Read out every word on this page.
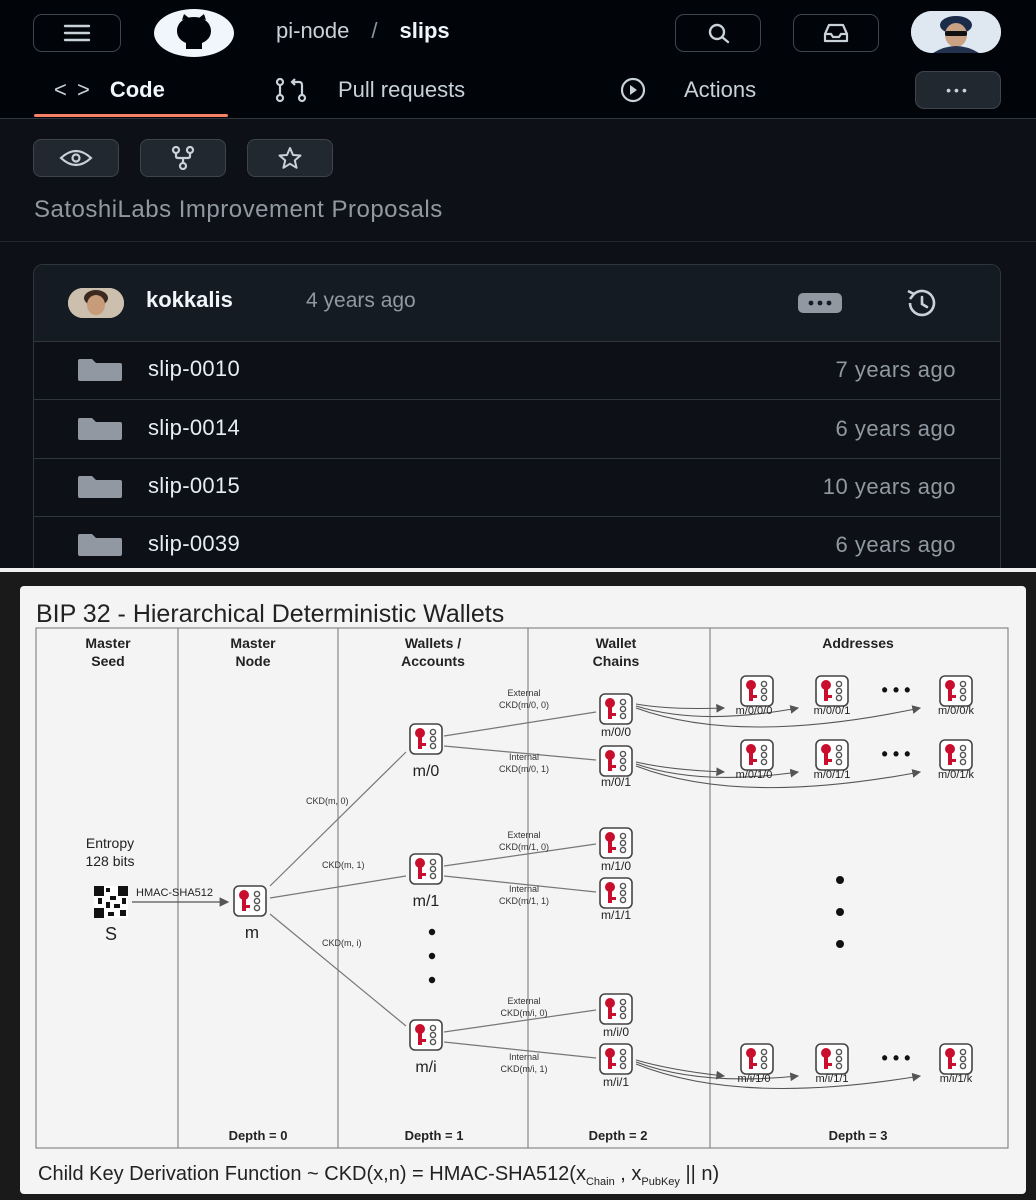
pi-node / slips
< > Code	Pull requests	Actions	•••
SatoshiLabs Improvement Proposals
kokkalis	4 years ago
slip-0010	7 years ago
slip-0014	6 years ago
slip-0015	10 years ago
slip-0039	6 years ago
BIP 32 - Hierarchical Deterministic Wallets
Master
Seed
Master
Node
Wallets /
Accounts
Wallet
Chains
Addresses
Entropy
128 bits
S
HMAC-SHA512
m
CKD(m, 0)
CKD(m, 1)
CKD(m, i)
m/0
m/1
m/i
External
CKD(m/0, 0)
Internal
CKD(m/0, 1)
External
CKD(m/1, 0)
Internal
CKD(m/1, 1)
External
CKD(m/i, 0)
Internal
CKD(m/i, 1)
m/0/0
m/0/1
m/1/0
m/1/1
m/i/0
m/i/1
m/0/0/0	m/0/0/1	m/0/0/k
m/0/1/0	m/0/1/1	m/0/1/k
m/i/1/0	m/i/1/1	m/i/1/k
• • •
• • •
• • •
Depth = 0	Depth = 1	Depth = 2	Depth = 3
Child Key Derivation Function ~ CKD(x,n) = HMAC-$SHA512(x_{Chain}$ , $x_{PubKey}$ || n)
